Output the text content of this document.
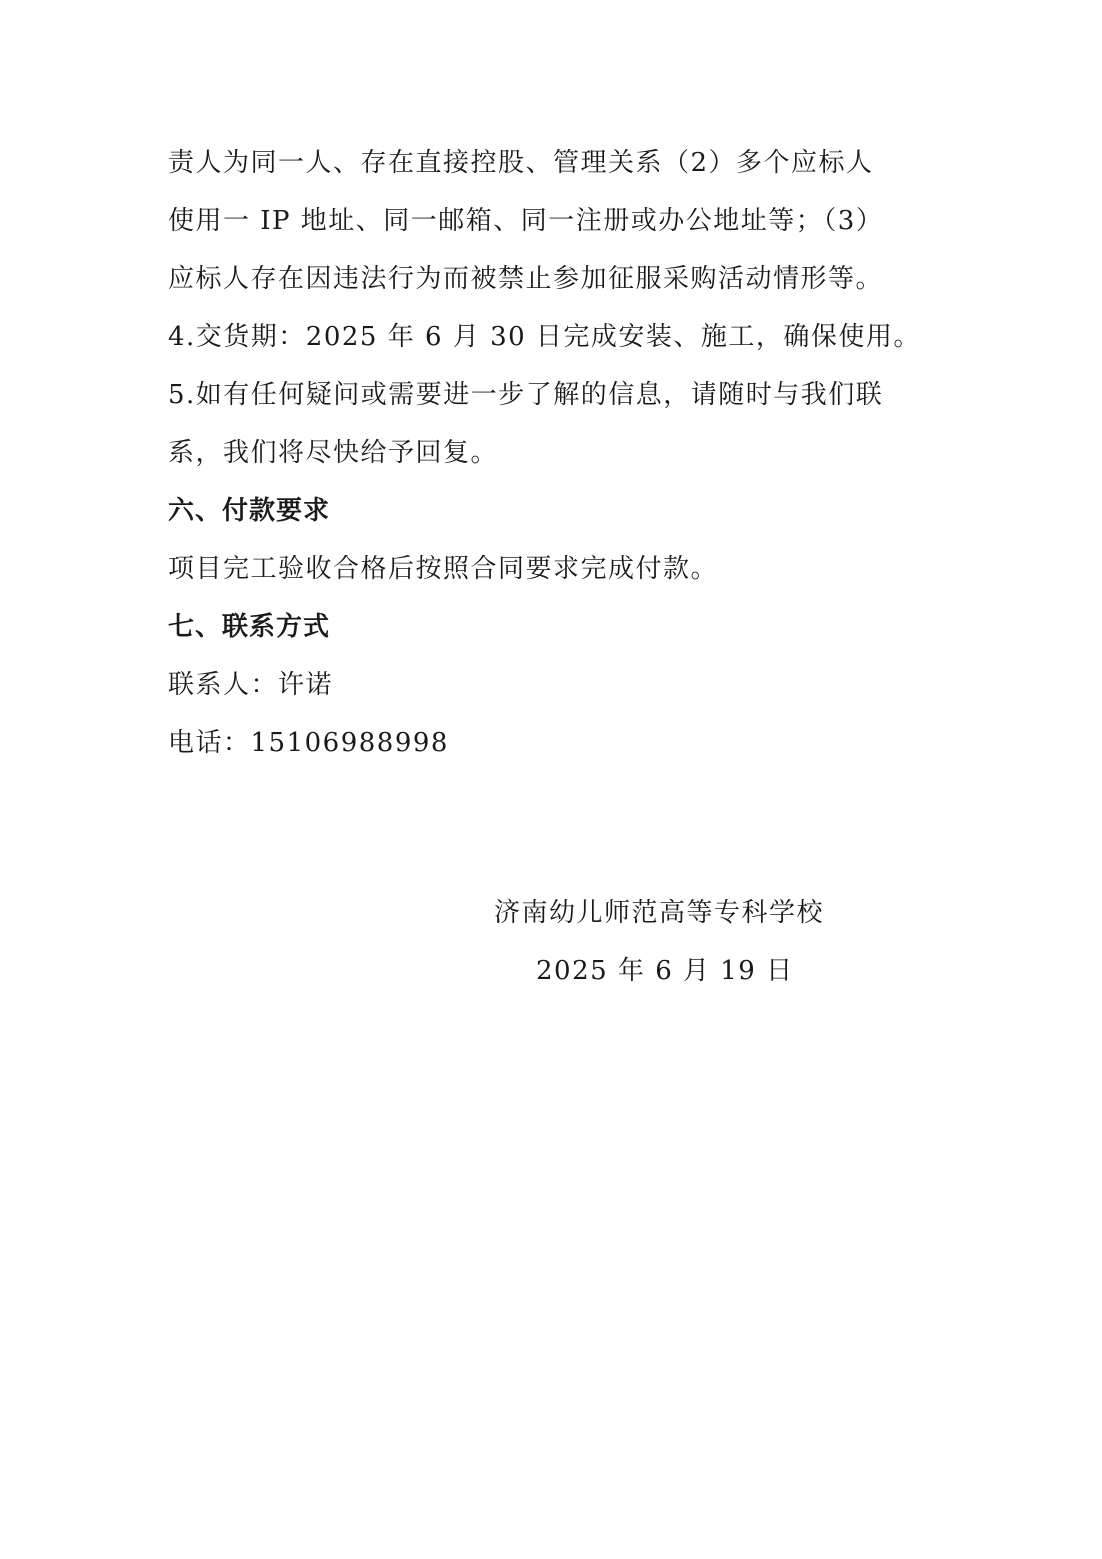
责人为同一人、存在直接控股、管理关系（2）多个应标人
使用一 IP 地址、同一邮箱、同一注册或办公地址等；（3）
应标人存在因违法行为而被禁止参加征服采购活动情形等。
4.交货期：2025 年 6 月 30 日完成安装、施工，确保使用。
5.如有任何疑问或需要进一步了解的信息，请随时与我们联
系，我们将尽快给予回复。
六、付款要求
项目完工验收合格后按照合同要求完成付款。
七、联系方式
联系人：许诺
电话：15106988998
济南幼儿师范高等专科学校
2025 年 6 月 19 日
